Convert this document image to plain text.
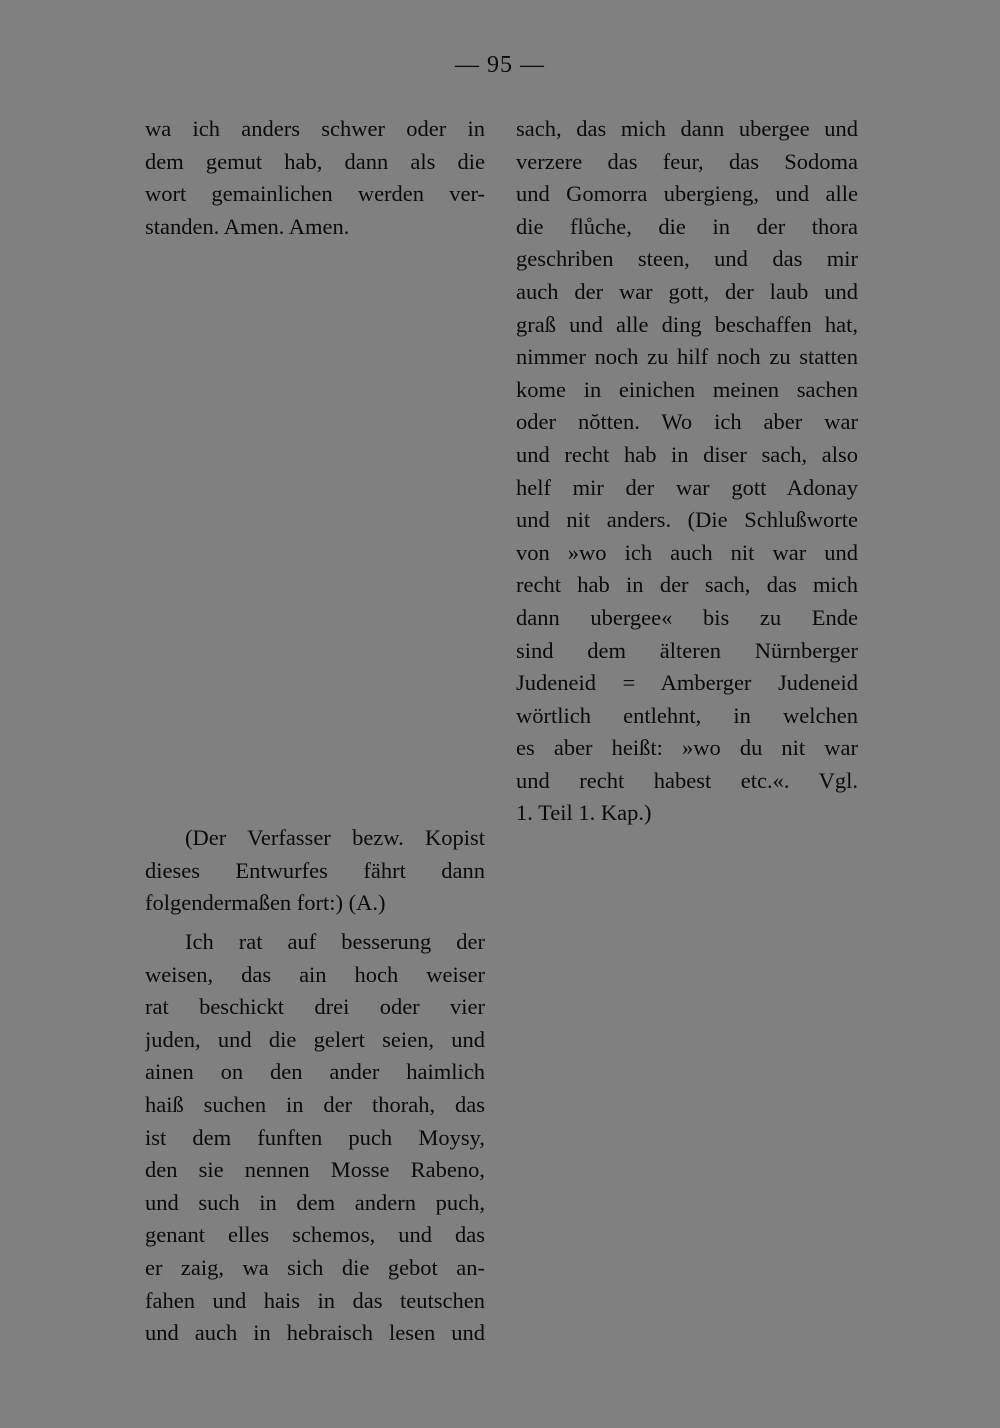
— 95 —
wa ich anders schwer oder in
dem gemut hab, dann als die
wort gemainlichen werden ver-
standen. Amen. Amen.
(Der Verfasser bezw. Kopist
dieses Entwurfes fährt dann
folgendermaßen fort:) (A.)
Ich rat auf besserung der
weisen, das ain hoch weiser
rat beschickt drei oder vier
juden, und die gelert seien, und
ainen on den ander haimlich
haiß suchen in der thorah, das
ist dem funften puch Moysy,
den sie nennen Mosse Rabeno,
und such in dem andern puch,
genant elles schemos, und das
er zaig, wa sich die gebot an-
fahen und hais in das teutschen
und auch in hebraisch lesen und
sach, das mich dann ubergee und
verzere das feur, das Sodoma
und Gomorra ubergieng, und alle
die flůche, die in der thora
geschriben steen, und das mir
auch der war gott, der laub und
graß und alle ding beschaffen hat,
nimmer noch zu hilf noch zu statten
kome in einichen meinen sachen
oder nŏtten. Wo ich aber war
und recht hab in diser sach, also
helf mir der war gott Adonay
und nit anders. (Die Schlußworte
von »wo ich auch nit war und
recht hab in der sach, das mich
dann ubergee« bis zu Ende
sind dem älteren Nürnberger
Judeneid = Amberger Judeneid
wörtlich entlehnt, in welchen
es aber heißt: »wo du nit war
und recht habest etc.«. Vgl.
1. Teil 1. Kap.)
